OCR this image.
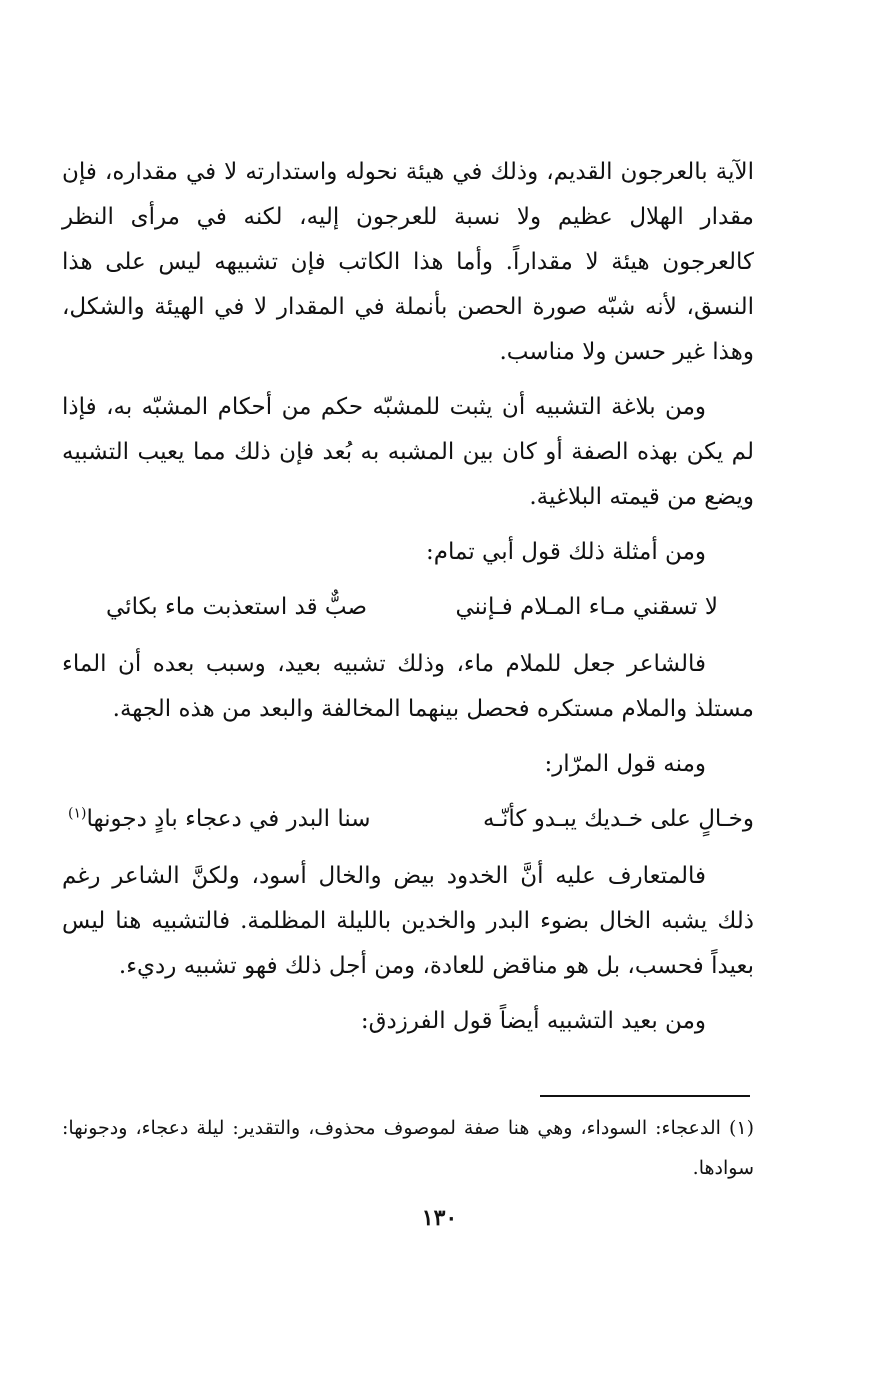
الآية بالعرجون القديم، وذلك في هيئة نحوله واستدارته لا في مقداره، فإن مقدار الهلال عظيم ولا نسبة للعرجون إليه، لكنه في مرأى النظر كالعرجون هيئة لا مقداراً. وأما هذا الكاتب فإن تشبيهه ليس على هذا النسق، لأنه شبّه صورة الحصن بأنملة في المقدار لا في الهيئة والشكل، وهذا غير حسن ولا مناسب.

ومن بلاغة التشبيه أن يثبت للمشبّه حكم من أحكام المشبّه به، فإذا لم يكن بهذه الصفة أو كان بين المشبه به بُعد فإن ذلك مما يعيب التشبيه ويضع من قيمته البلاغية.

ومن أمثلة ذلك قول أبي تمام:

لا تسقني مـاء المـلام فـإنني
صبٌّ قد استعذبت ماء بكائي

فالشاعر جعل للملام ماء، وذلك تشبيه بعيد، وسبب بعده أن الماء مستلذ والملام مستكره فحصل بينهما المخالفة والبعد من هذه الجهة.

ومنه قول المرّار:

وخـالٍ على خـديك يبـدو كأنّـه
سنا البدر في دعجاء بادٍ دجونها$^{(١)}$

فالمتعارف عليه أنَّ الخدود بيض والخال أسود، ولكنَّ الشاعر رغم ذلك يشبه الخال بضوء البدر والخدين بالليلة المظلمة. فالتشبيه هنا ليس بعيداً فحسب، بل هو مناقض للعادة، ومن أجل ذلك فهو تشبيه رديء.

ومن بعيد التشبيه أيضاً قول الفرزدق:

(١) الدعجاء: السوداء، وهي هنا صفة لموصوف محذوف، والتقدير: ليلة دعجاء، ودجونها: سوادها.
١٣٠
